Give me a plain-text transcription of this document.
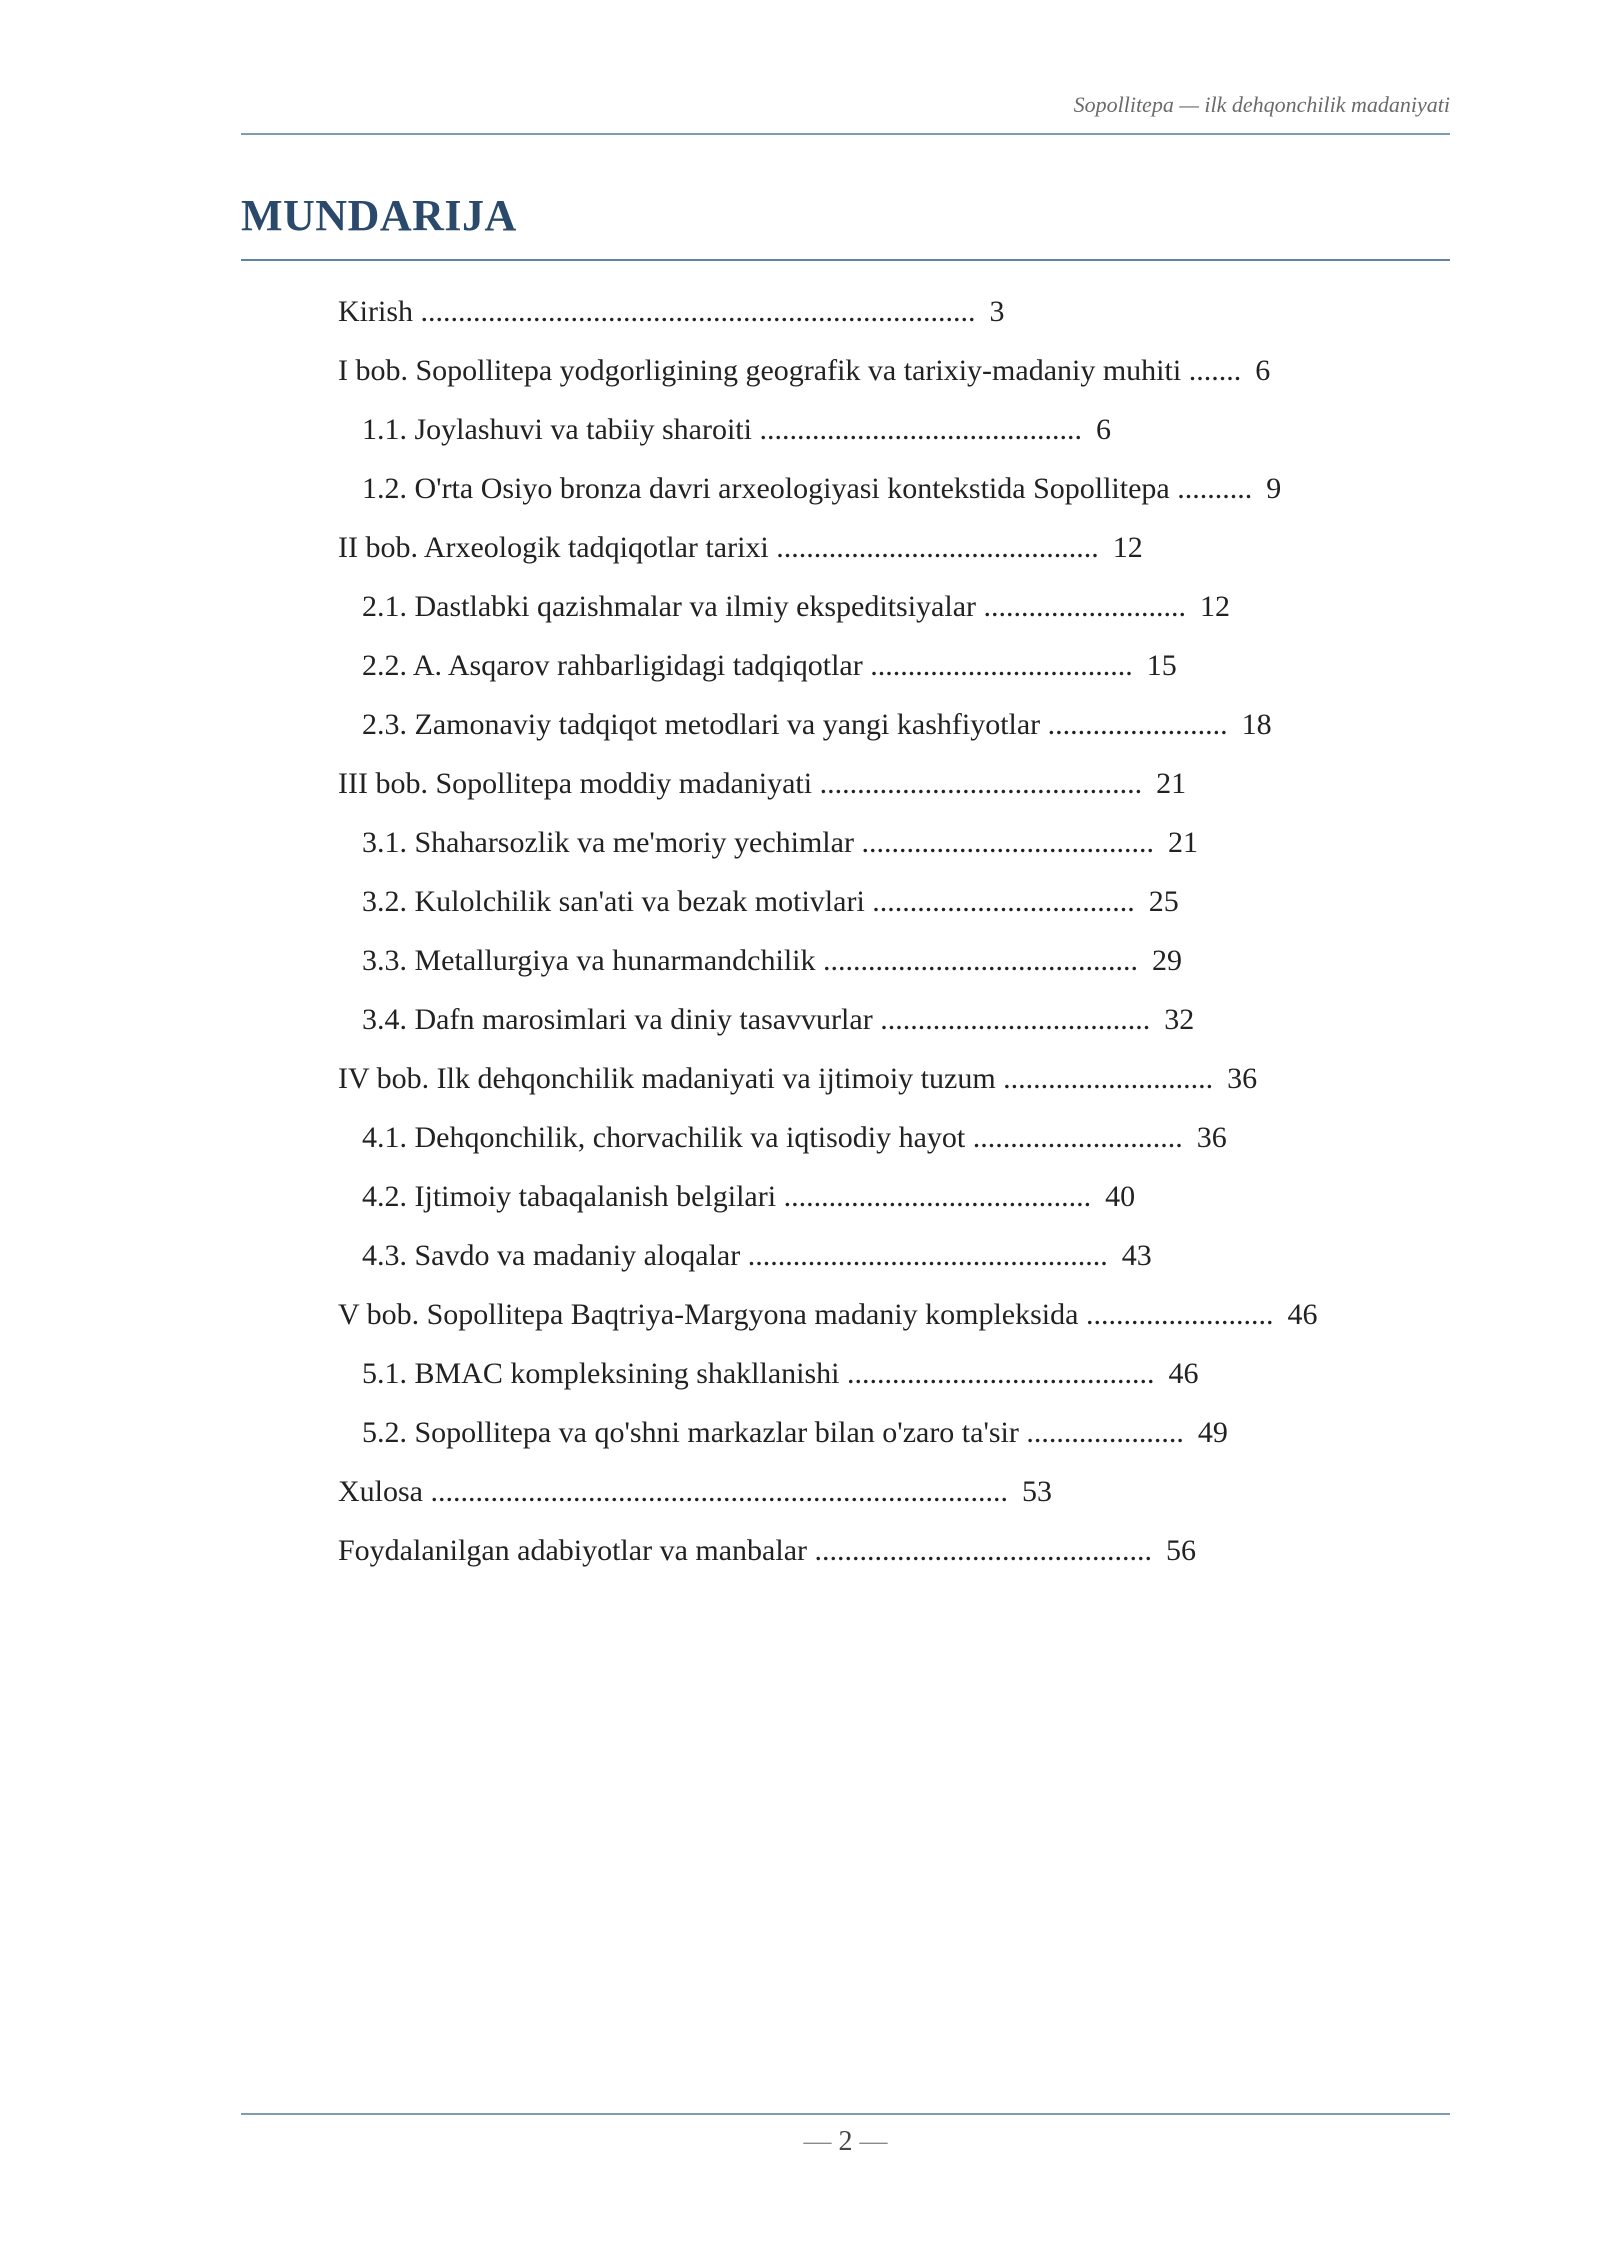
Sopollitepa — ilk dehqonchilik madaniyati
MUNDARIJA
Kirish .......................................................................... 3
I bob. Sopollitepa yodgorligining geografik va tarixiy-madaniy muhiti ....... 6
1.1. Joylashuvi va tabiiy sharoiti ........................................... 6
1.2. O'rta Osiyo bronza davri arxeologiyasi kontekstida Sopollitepa .......... 9
II bob. Arxeologik tadqiqotlar tarixi ........................................... 12
2.1. Dastlabki qazishmalar va ilmiy ekspeditsiyalar ........................... 12
2.2. A. Asqarov rahbarligidagi tadqiqotlar ................................... 15
2.3. Zamonaviy tadqiqot metodlari va yangi kashfiyotlar ........................ 18
III bob. Sopollitepa moddiy madaniyati ........................................... 21
3.1. Shaharsozlik va me'moriy yechimlar ....................................... 21
3.2. Kulolchilik san'ati va bezak motivlari ................................... 25
3.3. Metallurgiya va hunarmandchilik .......................................... 29
3.4. Dafn marosimlari va diniy tasavvurlar .................................... 32
IV bob. Ilk dehqonchilik madaniyati va ijtimoiy tuzum ............................ 36
4.1. Dehqonchilik, chorvachilik va iqtisodiy hayot ............................ 36
4.2. Ijtimoiy tabaqalanish belgilari ......................................... 40
4.3. Savdo va madaniy aloqalar ................................................ 43
V bob. Sopollitepa Baqtriya-Margyona madaniy kompleksida ......................... 46
5.1. BMAC kompleksining shakllanishi ......................................... 46
5.2. Sopollitepa va qo'shni markazlar bilan o'zaro ta'sir ..................... 49
Xulosa ............................................................................. 53
Foydalanilgan adabiyotlar va manbalar ............................................. 56
— 2 —
